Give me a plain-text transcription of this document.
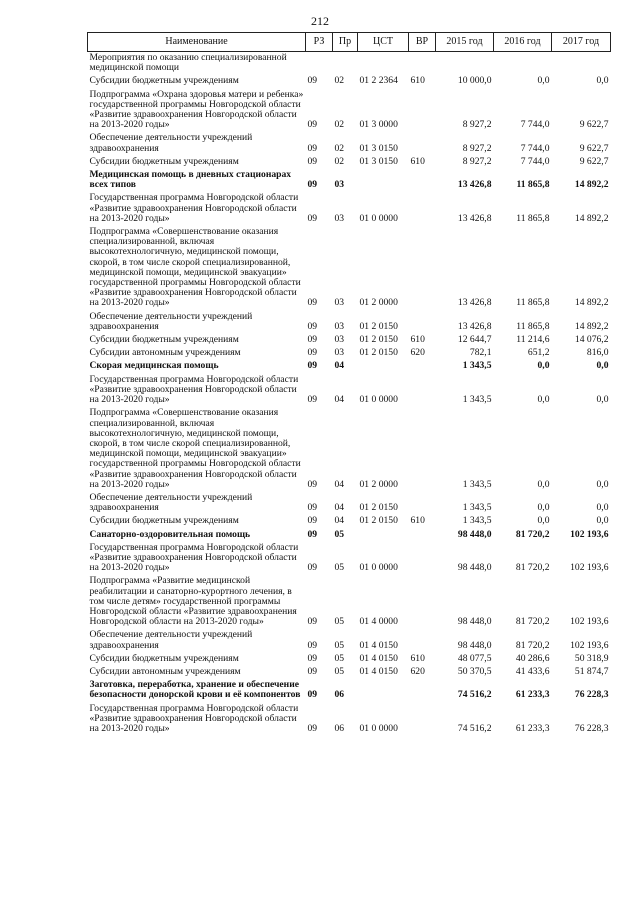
212
Наименование	РЗ	Пр	ЦСТ	ВР	2015 год	2016 год	2017 год
Мероприятия по оказанию специализированной медицинской помощи							
Субсидии бюджетным учреждениям	09	02	01 2 2364	610	10 000,0	0,0	0,0
Подпрограмма «Охрана здоровья матери и ребенка» государственной программы Новгородской области «Развитие здравоохранения Новгородской области на 2013-2020 годы»	09	02	01 3 0000		8 927,2	7 744,0	9 622,7
Обеспечение деятельности учреждений здравоохранения	09	02	01 3 0150		8 927,2	7 744,0	9 622,7
Субсидии бюджетным учреждениям	09	02	01 3 0150	610	8 927,2	7 744,0	9 622,7
Медицинская помощь в дневных стационарах всех типов	09	03			13 426,8	11 865,8	14 892,2
Государственная программа Новгородской области «Развитие здравоохранения Новгородской области на 2013-2020 годы»	09	03	01 0 0000		13 426,8	11 865,8	14 892,2
Подпрограмма «Совершенствование оказания специализированной, включая высокотехнологичную, медицинской помощи, скорой, в том числе скорой специализированной, медицинской помощи, медицинской эвакуации» государственной программы Новгородской области «Развитие здравоохранения Новгородской области на 2013-2020 годы»	09	03	01 2 0000		13 426,8	11 865,8	14 892,2
Обеспечение деятельности учреждений здравоохранения	09	03	01 2 0150		13 426,8	11 865,8	14 892,2
Субсидии бюджетным учреждениям	09	03	01 2 0150	610	12 644,7	11 214,6	14 076,2
Субсидии автономным учреждениям	09	03	01 2 0150	620	782,1	651,2	816,0
Скорая медицинская помощь	09	04			1 343,5	0,0	0,0
Государственная программа Новгородской области «Развитие здравоохранения Новгородской области на 2013-2020 годы»	09	04	01 0 0000		1 343,5	0,0	0,0
Подпрограмма «Совершенствование оказания специализированной, включая высокотехнологичную, медицинской помощи, скорой, в том числе скорой специализированной, медицинской помощи, медицинской эвакуации» государственной программы Новгородской области «Развитие здравоохранения Новгородской области на 2013-2020 годы»	09	04	01 2 0000		1 343,5	0,0	0,0
Обеспечение деятельности учреждений здравоохранения	09	04	01 2 0150		1 343,5	0,0	0,0
Субсидии бюджетным учреждениям	09	04	01 2 0150	610	1 343,5	0,0	0,0
Санаторно-оздоровительная помощь	09	05			98 448,0	81 720,2	102 193,6
Государственная программа Новгородской области «Развитие здравоохранения Новгородской области на 2013-2020 годы»	09	05	01 0 0000		98 448,0	81 720,2	102 193,6
Подпрограмма «Развитие медицинской реабилитации и санаторно-курортного лечения, в том числе детям» государственной программы Новгородской области «Развитие здравоохранения Новгородской области на 2013-2020 годы»	09	05	01 4 0000		98 448,0	81 720,2	102 193,6
Обеспечение деятельности учреждений здравоохранения	09	05	01 4 0150		98 448,0	81 720,2	102 193,6
Субсидии бюджетным учреждениям	09	05	01 4 0150	610	48 077,5	40 286,6	50 318,9
Субсидии автономным учреждениям	09	05	01 4 0150	620	50 370,5	41 433,6	51 874,7
Заготовка, переработка, хранение и обеспечение безопасности донорской крови и её компонентов	09	06			74 516,2	61 233,3	76 228,3
Государственная программа Новгородской области «Развитие здравоохранения Новгородской области на 2013-2020 годы»	09	06	01 0 0000		74 516,2	61 233,3	76 228,3
